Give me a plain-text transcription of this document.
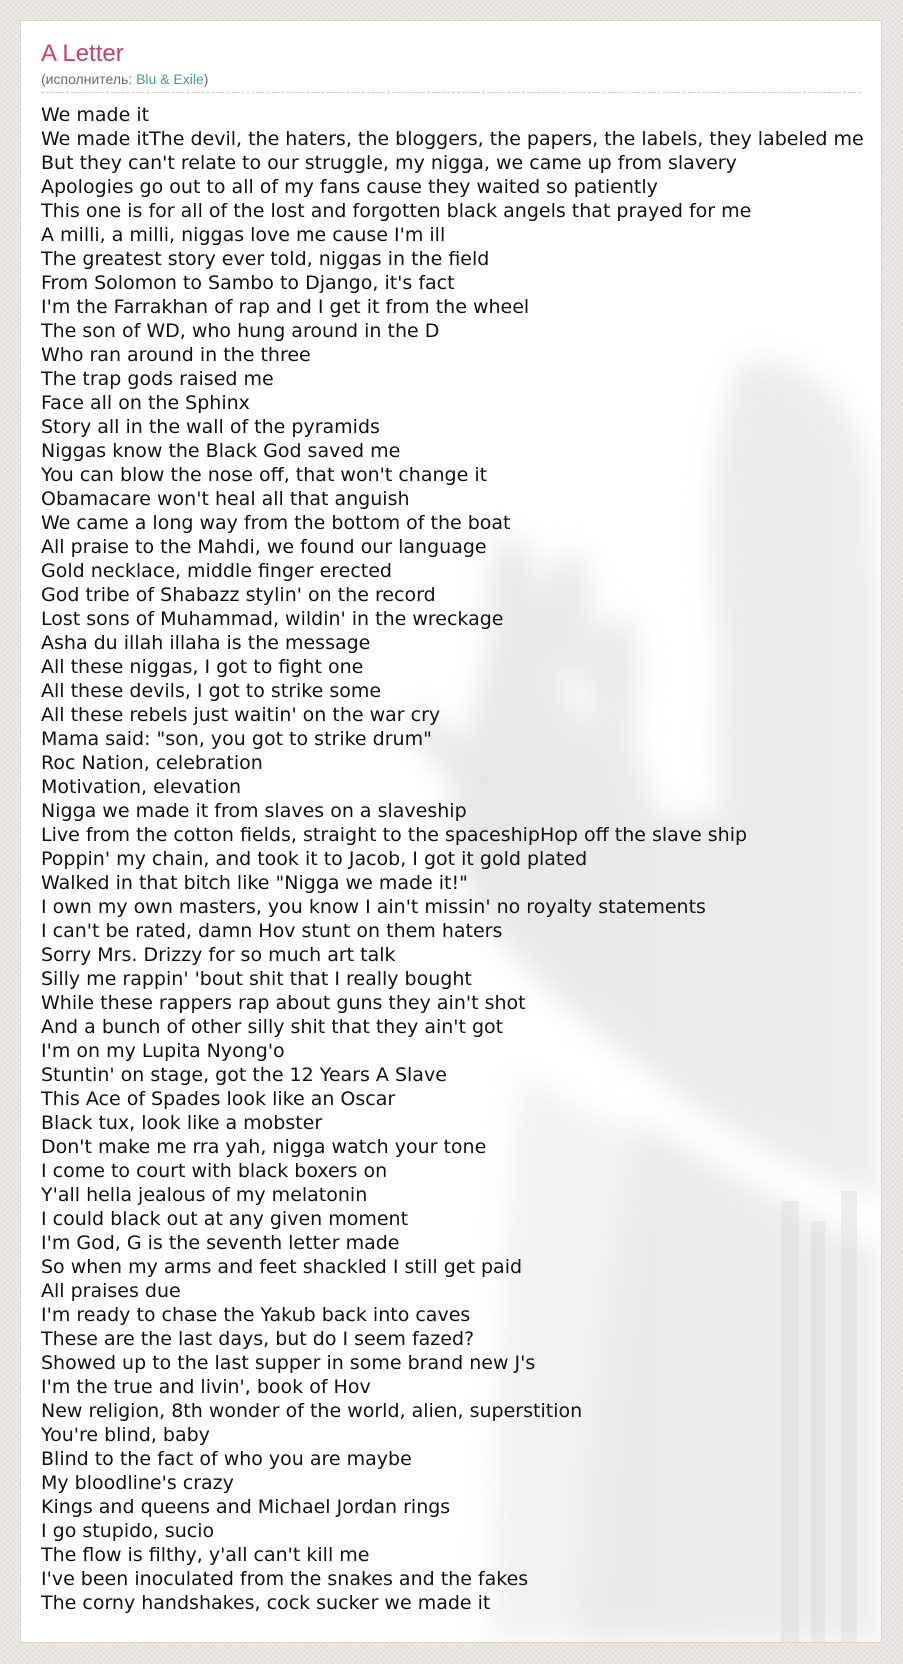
A Letter
(исполнитель: Blu & Exile)
We made it
We made itThe devil, the haters, the bloggers, the papers, the labels, they labeled me
But they can't relate to our struggle, my nigga, we came up from slavery
Apologies go out to all of my fans cause they waited so patiently
This one is for all of the lost and forgotten black angels that prayed for me
A milli, a milli, niggas love me cause I'm ill
The greatest story ever told, niggas in the field
From Solomon to Sambo to Django, it's fact
I'm the Farrakhan of rap and I get it from the wheel
The son of WD, who hung around in the D
Who ran around in the three
The trap gods raised me
Face all on the Sphinx
Story all in the wall of the pyramids
Niggas know the Black God saved me
You can blow the nose off, that won't change it
Obamacare won't heal all that anguish
We came a long way from the bottom of the boat
All praise to the Mahdi, we found our language
Gold necklace, middle finger erected
God tribe of Shabazz stylin' on the record
Lost sons of Muhammad, wildin' in the wreckage
Asha du illah illaha is the message
All these niggas, I got to fight one
All these devils, I got to strike some
All these rebels just waitin' on the war cry
Mama said: "son, you got to strike drum"
Roc Nation, celebration
Motivation, elevation
Nigga we made it from slaves on a slaveship
Live from the cotton fields, straight to the spaceshipHop off the slave ship
Poppin' my chain, and took it to Jacob, I got it gold plated
Walked in that bitch like "Nigga we made it!"
I own my own masters, you know I ain't missin' no royalty statements
I can't be rated, damn Hov stunt on them haters
Sorry Mrs. Drizzy for so much art talk
Silly me rappin' 'bout shit that I really bought
While these rappers rap about guns they ain't shot
And a bunch of other silly shit that they ain't got
I'm on my Lupita Nyong'o
Stuntin' on stage, got the 12 Years A Slave
This Ace of Spades look like an Oscar
Black tux, look like a mobster
Don't make me rra yah, nigga watch your tone
I come to court with black boxers on
Y'all hella jealous of my melatonin
I could black out at any given moment
I'm God, G is the seventh letter made
So when my arms and feet shackled I still get paid
All praises due
I'm ready to chase the Yakub back into caves
These are the last days, but do I seem fazed?
Showed up to the last supper in some brand new J's
I'm the true and livin', book of Hov
New religion, 8th wonder of the world, alien, superstition
You're blind, baby
Blind to the fact of who you are maybe
My bloodline's crazy
Kings and queens and Michael Jordan rings
I go stupido, sucio
The flow is filthy, y'all can't kill me
I've been inoculated from the snakes and the fakes
The corny handshakes, cock sucker we made it
